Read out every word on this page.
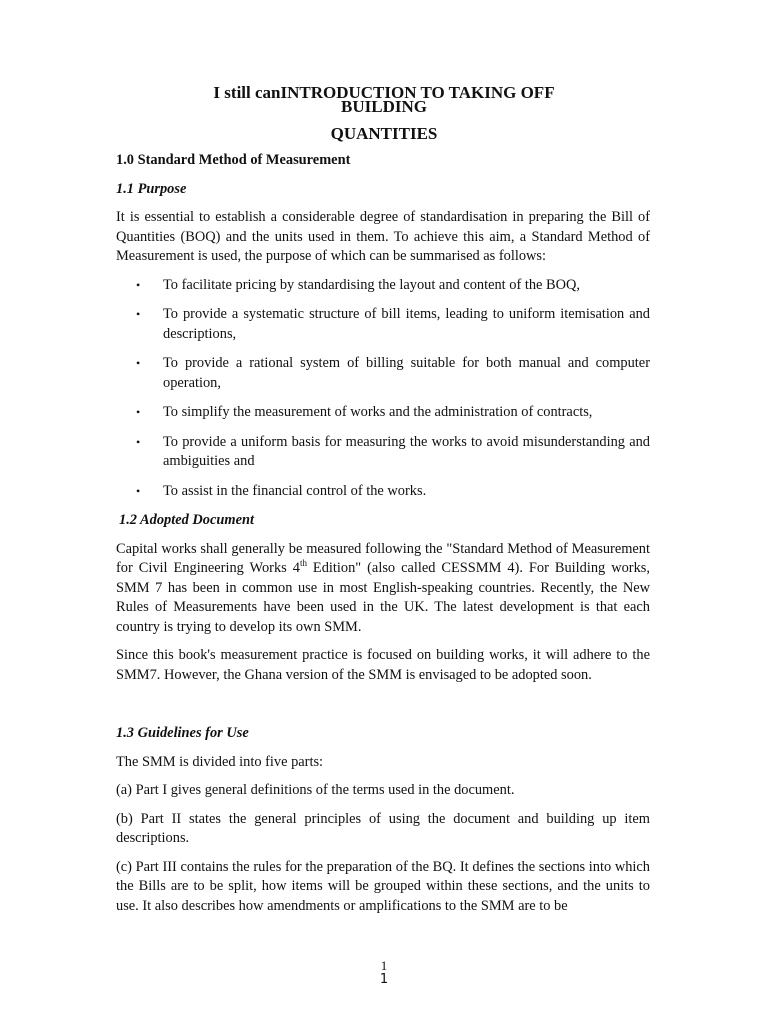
I still canINTRODUCTION TO TAKING OFF
BUILDING
QUANTITIES

1.0 Standard Method of Measurement

1.1 Purpose

It is essential to establish a considerable degree of standardisation in preparing the Bill of Quantities (BOQ) and the units used in them. To achieve this aim, a Standard Method of Measurement is used, the purpose of which can be summarised as follows:

• To facilitate pricing by standardising the layout and content of the BOQ,
• To provide a systematic structure of bill items, leading to uniform itemisation and descriptions,
• To provide a rational system of billing suitable for both manual and computer operation,
• To simplify the measurement of works and the administration of contracts,
• To provide a uniform basis for measuring the works to avoid misunderstanding and ambiguities and
• To assist in the financial control of the works.

1.2 Adopted Document

Capital works shall generally be measured following the "Standard Method of Measurement for Civil Engineering Works 4th Edition" (also called CESSMM 4). For Building works, SMM 7 has been in common use in most English-speaking countries. Recently, the New Rules of Measurements have been used in the UK. The latest development is that each country is trying to develop its own SMM.

Since this book's measurement practice is focused on building works, it will adhere to the SMM7. However, the Ghana version of the SMM is envisaged to be adopted soon.

1.3 Guidelines for Use

The SMM is divided into five parts:

(a) Part I gives general definitions of the terms used in the document.

(b) Part II states the general principles of using the document and building up item descriptions.

(c) Part III contains the rules for the preparation of the BQ. It defines the sections into which the Bills are to be split, how items will be grouped within these sections, and the units to use. It also describes how amendments or amplifications to the SMM are to be

1
1
